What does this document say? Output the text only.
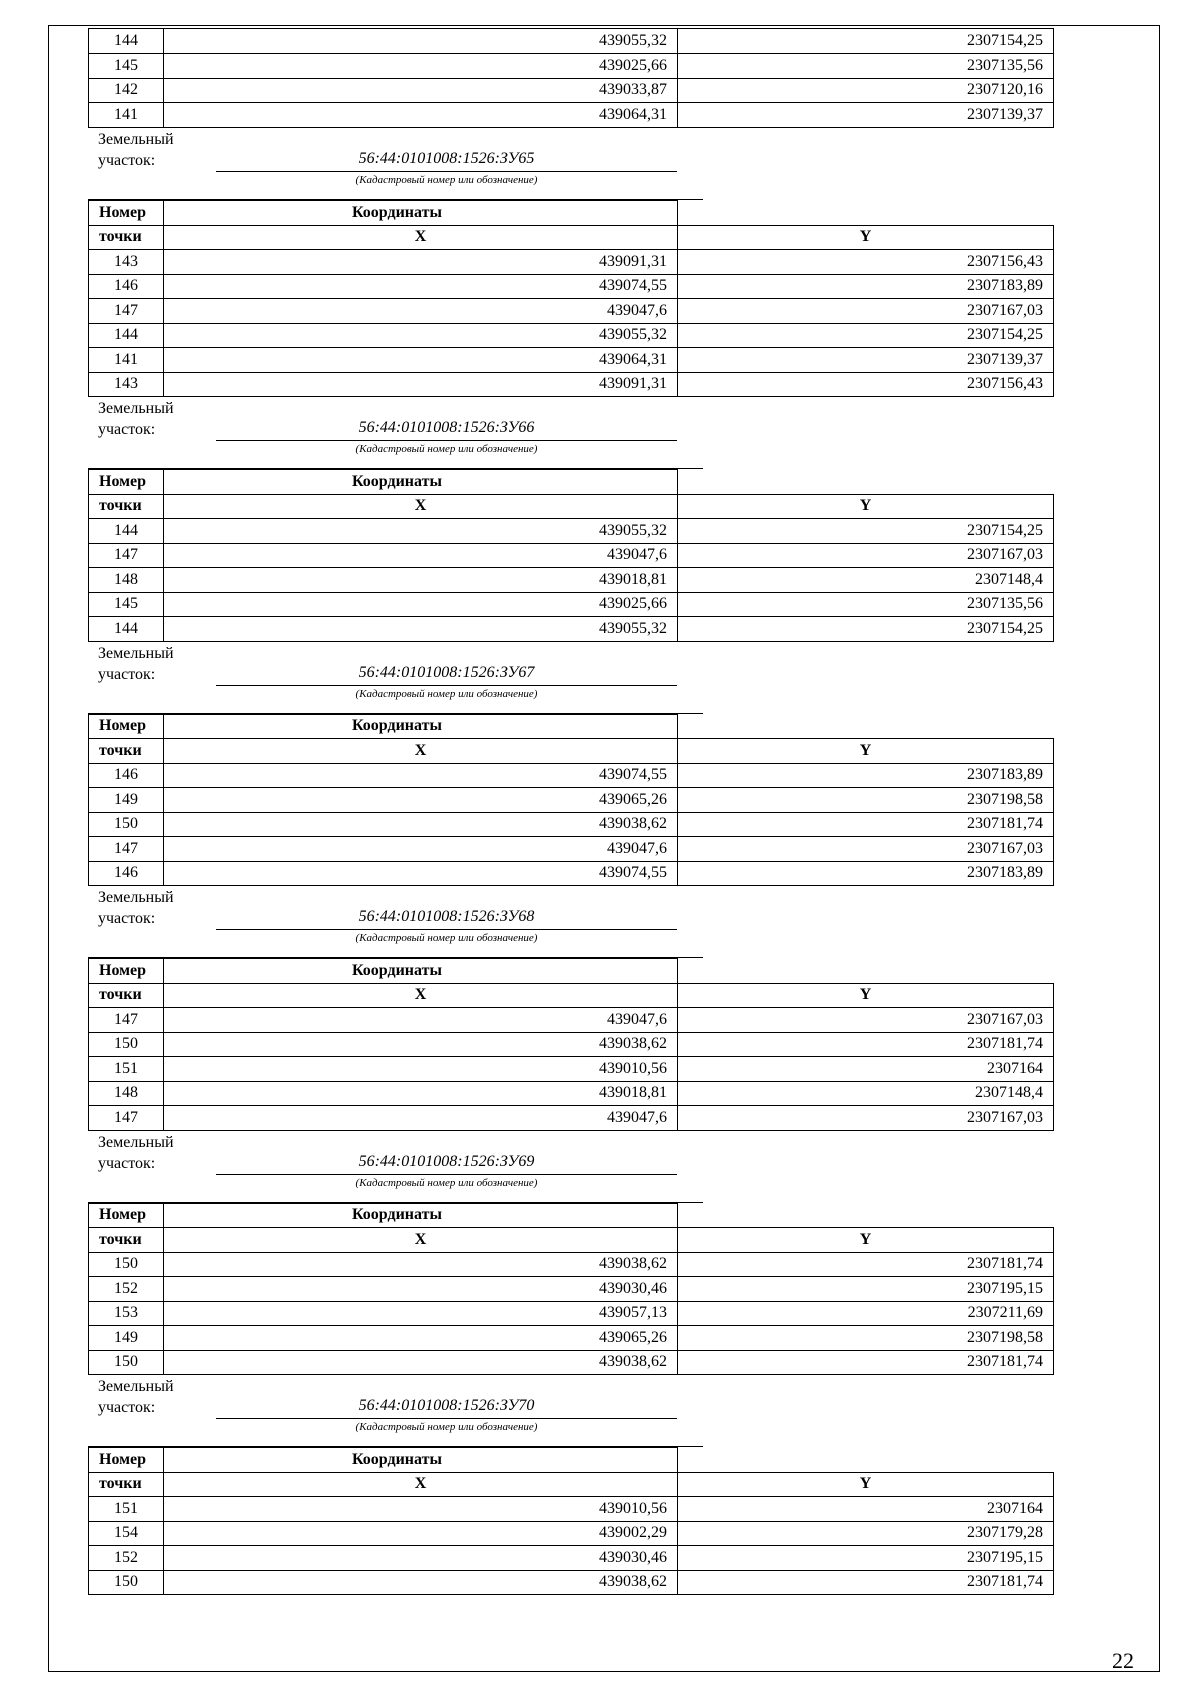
144	439055,32	2307154,25
145	439025,66	2307135,56
142	439033,87	2307120,16
141	439064,31	2307139,37
Земельный
участок:	56:44:0101008:1526:ЗУ65
(Кадастровый номер или обозначение)
Номер	Координаты	
точки	X	Y
143	439091,31	2307156,43
146	439074,55	2307183,89
147	439047,6	2307167,03
144	439055,32	2307154,25
141	439064,31	2307139,37
143	439091,31	2307156,43
Земельный
участок:	56:44:0101008:1526:ЗУ66
(Кадастровый номер или обозначение)
Номер	Координаты	
точки	X	Y
144	439055,32	2307154,25
147	439047,6	2307167,03
148	439018,81	2307148,4
145	439025,66	2307135,56
144	439055,32	2307154,25
Земельный
участок:	56:44:0101008:1526:ЗУ67
(Кадастровый номер или обозначение)
Номер	Координаты	
точки	X	Y
146	439074,55	2307183,89
149	439065,26	2307198,58
150	439038,62	2307181,74
147	439047,6	2307167,03
146	439074,55	2307183,89
Земельный
участок:	56:44:0101008:1526:ЗУ68
(Кадастровый номер или обозначение)
Номер	Координаты	
точки	X	Y
147	439047,6	2307167,03
150	439038,62	2307181,74
151	439010,56	2307164
148	439018,81	2307148,4
147	439047,6	2307167,03
Земельный
участок:	56:44:0101008:1526:ЗУ69
(Кадастровый номер или обозначение)
Номер	Координаты	
точки	X	Y
150	439038,62	2307181,74
152	439030,46	2307195,15
153	439057,13	2307211,69
149	439065,26	2307198,58
150	439038,62	2307181,74
Земельный
участок:	56:44:0101008:1526:ЗУ70
(Кадастровый номер или обозначение)
Номер	Координаты	
точки	X	Y
151	439010,56	2307164
154	439002,29	2307179,28
152	439030,46	2307195,15
150	439038,62	2307181,74
22
